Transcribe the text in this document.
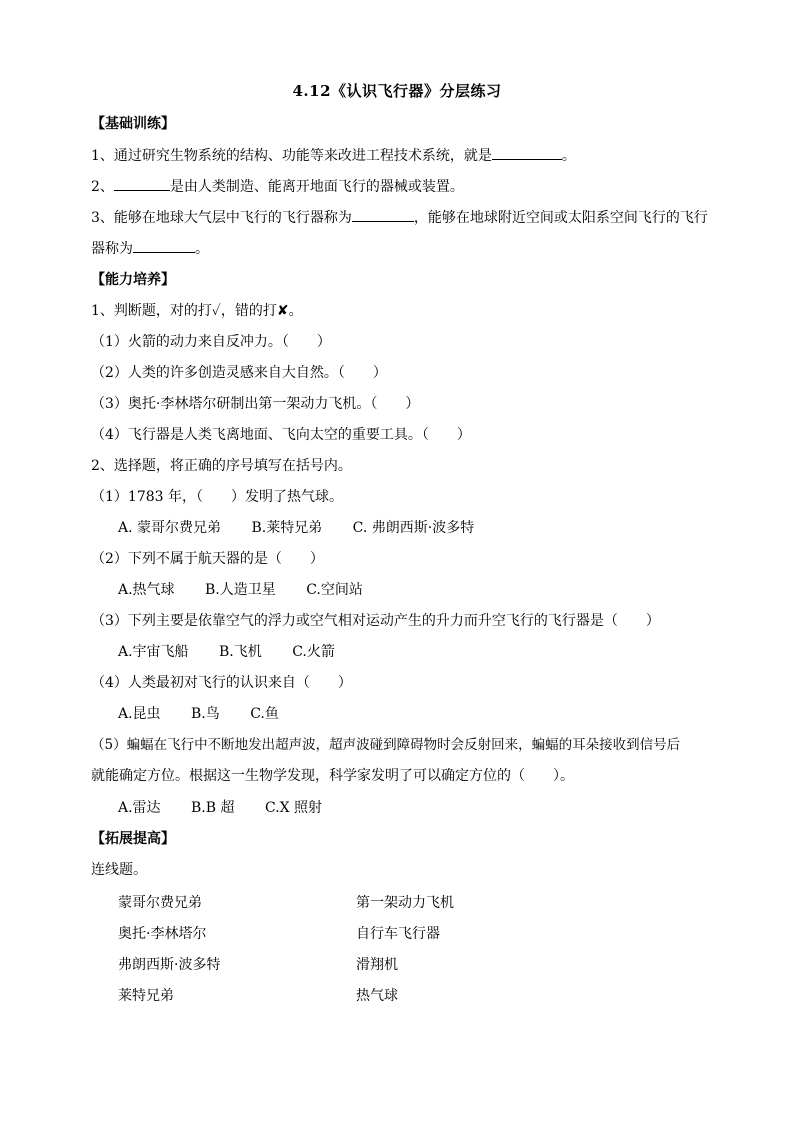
4.12《认识飞行器》分层练习
【基础训练】
1、通过研究生物系统的结构、功能等来改进工程技术系统，就是	。
2、	是由人类制造、能离开地面飞行的器械或装置。
3、能够在地球大气层中飞行的飞行器称为	，能够在地球附近空间或太阳系空间飞行的飞行
器称为	。
【能力培养】
1、判断题，对的打✓，错的打✘。
（1）火箭的动力来自反冲力。（　　）
（2）人类的许多创造灵感来自大自然。（　　）
（3）奥托·李林塔尔研制出第一架动力飞机。（　　）
（4）飞行器是人类飞离地面、飞向太空的重要工具。（　　）
2、选择题，将正确的序号填写在括号内。
（1）1783 年，（　　）发明了热气球。
A. 蒙哥尔费兄弟 B.莱特兄弟 C. 弗朗西斯·波多特
（2）下列不属于航天器的是（　　）
A.热气球 B.人造卫星 C.空间站
（3）下列主要是依靠空气的浮力或空气相对运动产生的升力而升空飞行的飞行器是（　　）
A.宇宙飞船 B.飞机 C.火箭
（4）人类最初对飞行的认识来自（　　）
A.昆虫 B.鸟 C.鱼
（5）蝙蝠在飞行中不断地发出超声波，超声波碰到障碍物时会反射回来，蝙蝠的耳朵接收到信号后
就能确定方位。根据这一生物学发现，科学家发明了可以确定方位的（　　）。
A.雷达 B.B 超 C.X 照射
【拓展提高】
连线题。
蒙哥尔费兄弟	第一架动力飞机
奥托·李林塔尔	自行车飞行器
弗朗西斯·波多特	滑翔机
莱特兄弟	热气球
